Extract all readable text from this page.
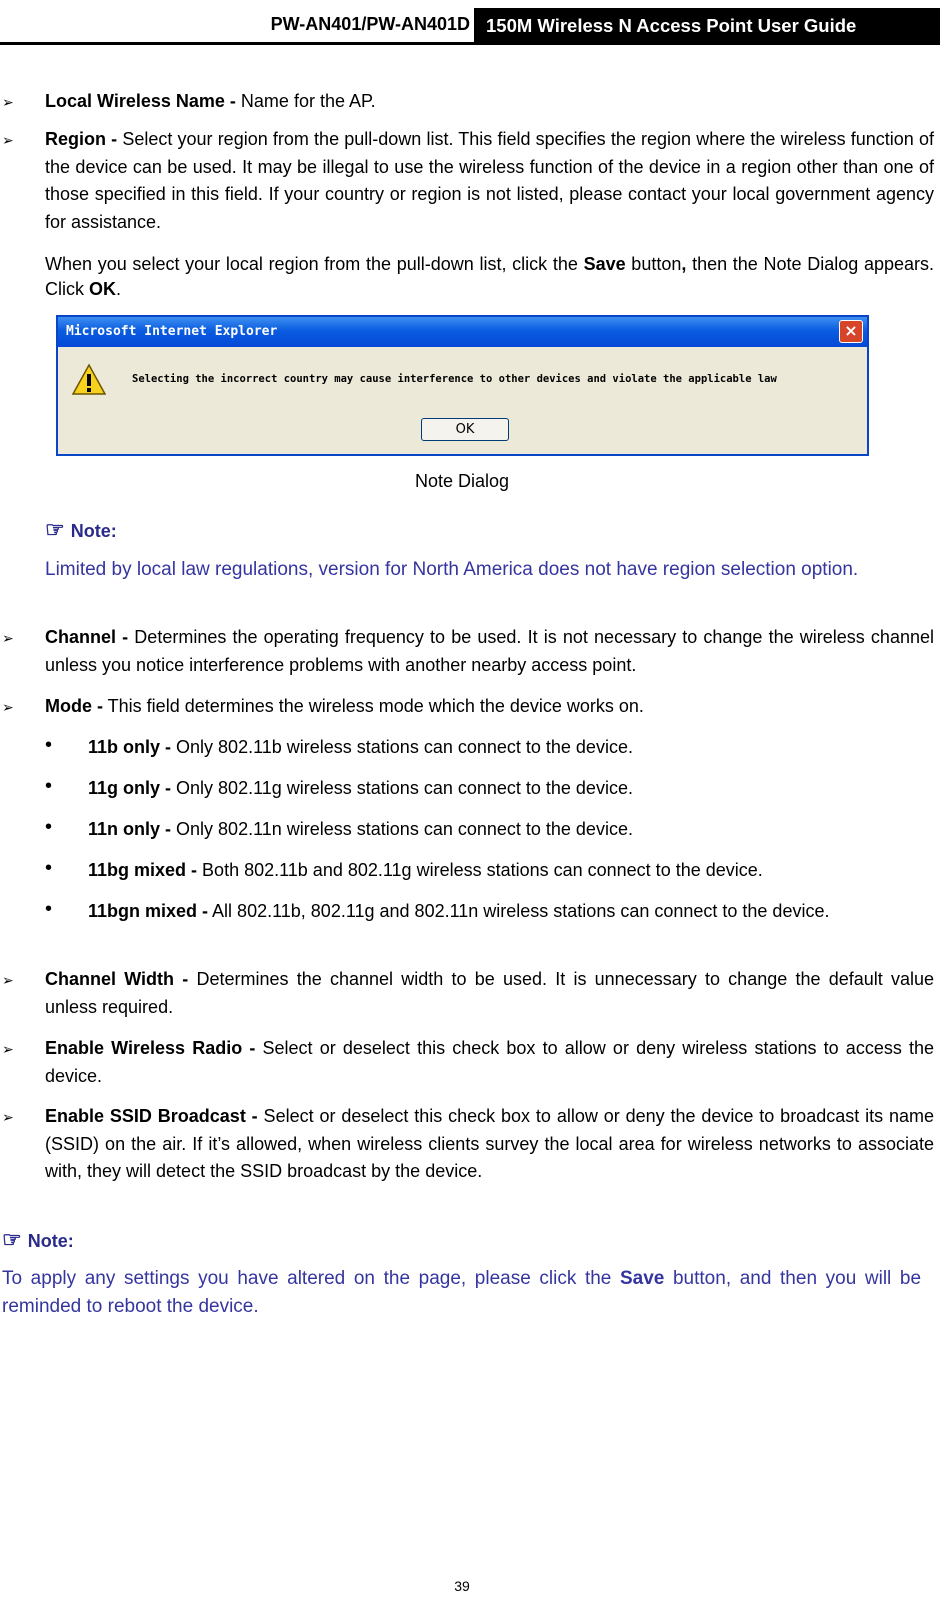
PW-AN401/PW-AN401D 150M Wireless N Access Point User Guide
➢ Local Wireless Name - Name for the AP.
➢ Region - Select your region from the pull-down list. This field specifies the region where the wireless function of the device can be used. It may be illegal to use the wireless function of the device in a region other than one of those specified in this field. If your country or region is not listed, please contact your local government agency for assistance.
When you select your local region from the pull-down list, click the Save button, then the Note Dialog appears. Click OK.
Microsoft Internet Explorer	×
Selecting the incorrect country may cause interference to other devices and violate the applicable law
OK
Note Dialog
☞ Note:
Limited by local law regulations, version for North America does not have region selection option.
➢ Channel - Determines the operating frequency to be used. It is not necessary to change the wireless channel unless you notice interference problems with another nearby access point.
➢ Mode - This field determines the wireless mode which the device works on.
• 11b only - Only 802.11b wireless stations can connect to the device.
• 11g only - Only 802.11g wireless stations can connect to the device.
• 11n only - Only 802.11n wireless stations can connect to the device.
• 11bg mixed - Both 802.11b and 802.11g wireless stations can connect to the device.
• 11bgn mixed - All 802.11b, 802.11g and 802.11n wireless stations can connect to the device.
➢ Channel Width - Determines the channel width to be used. It is unnecessary to change the default value unless required.
➢ Enable Wireless Radio - Select or deselect this check box to allow or deny wireless stations to access the device.
➢ Enable SSID Broadcast - Select or deselect this check box to allow or deny the device to broadcast its name (SSID) on the air. If it’s allowed, when wireless clients survey the local area for wireless networks to associate with, they will detect the SSID broadcast by the device.
☞ Note:
To apply any settings you have altered on the page, please click the Save button, and then you will be reminded to reboot the device.
39
